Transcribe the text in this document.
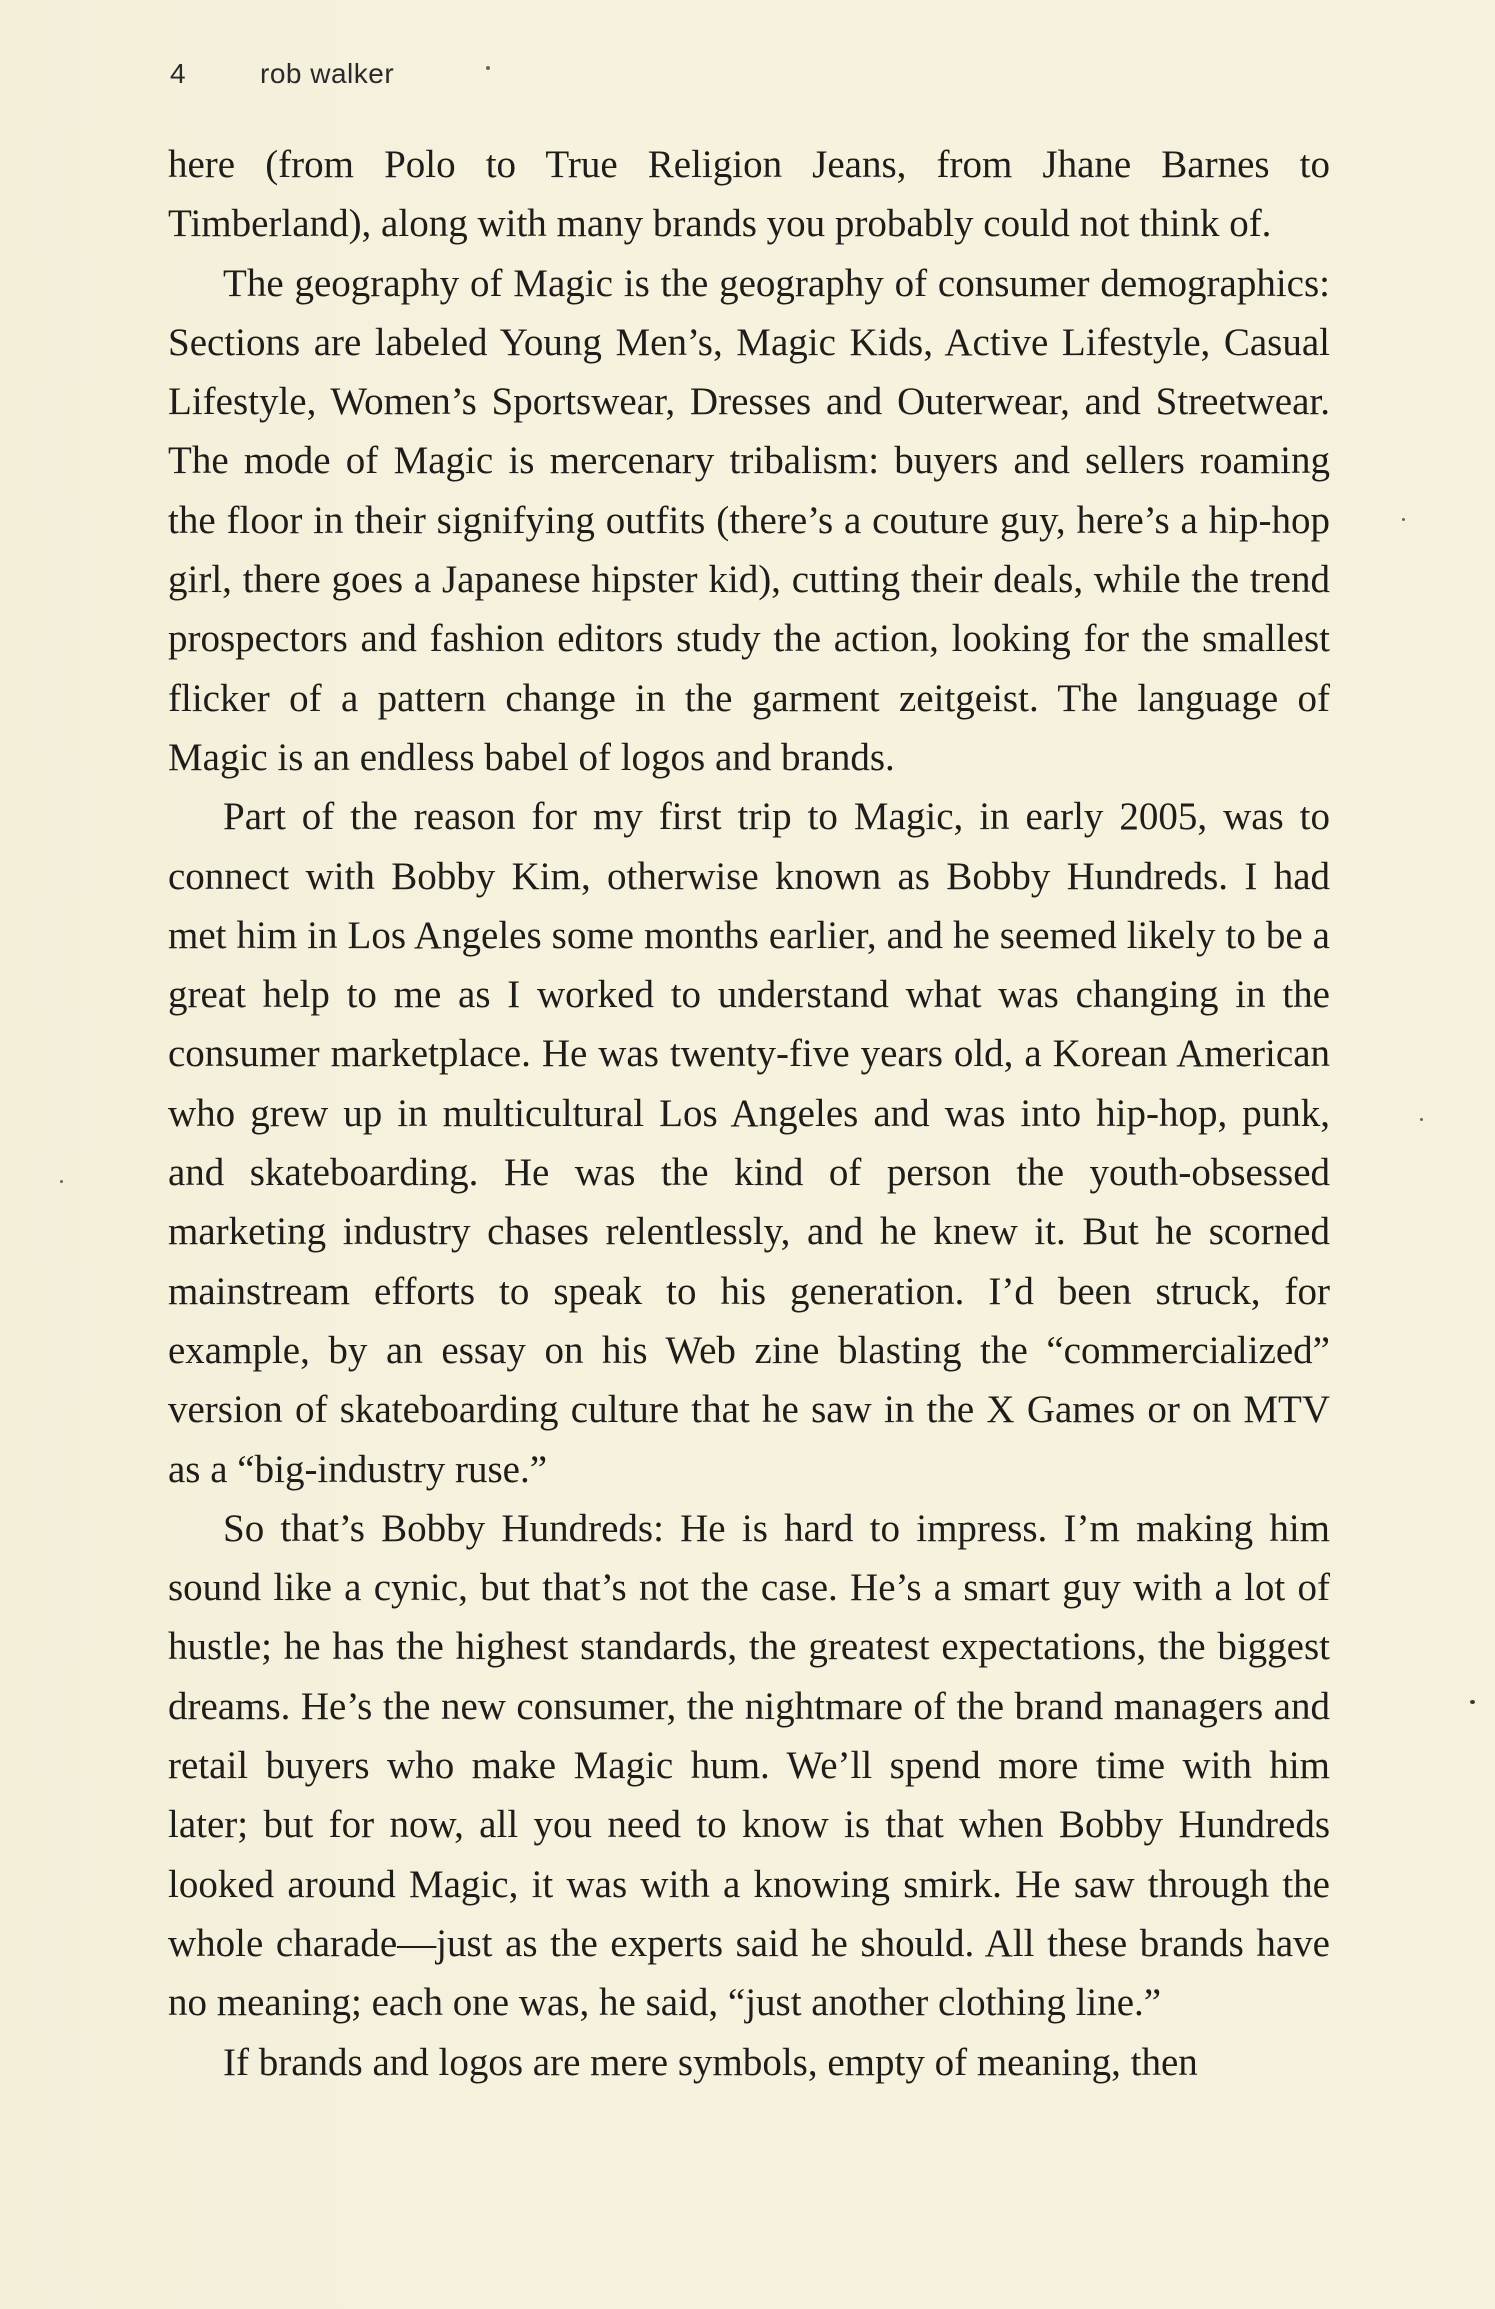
4	rob walker

here (from Polo to True Religion Jeans, from Jhane Barnes to Timberland), along with many brands you probably could not think of.

The geography of Magic is the geography of consumer demographics: Sections are labeled Young Men’s, Magic Kids, Active Lifestyle, Casual Lifestyle, Women’s Sportswear, Dresses and Outerwear, and Streetwear. The mode of Magic is mercenary tribalism: buyers and sellers roaming the floor in their signifying outfits (there’s a couture guy, here’s a hip-hop girl, there goes a Japanese hipster kid), cutting their deals, while the trend prospectors and fashion editors study the action, looking for the smallest flicker of a pattern change in the garment zeitgeist. The language of Magic is an endless babel of logos and brands.

Part of the reason for my first trip to Magic, in early 2005, was to connect with Bobby Kim, otherwise known as Bobby Hundreds. I had met him in Los Angeles some months earlier, and he seemed likely to be a great help to me as I worked to understand what was changing in the consumer marketplace. He was twenty-five years old, a Korean American who grew up in multicultural Los Angeles and was into hip-hop, punk, and skateboarding. He was the kind of person the youth-obsessed marketing industry chases relentlessly, and he knew it. But he scorned mainstream efforts to speak to his generation. I’d been struck, for example, by an essay on his Web zine blasting the “commercialized” version of skateboarding culture that he saw in the X Games or on MTV as a “big-industry ruse.”

So that’s Bobby Hundreds: He is hard to impress. I’m making him sound like a cynic, but that’s not the case. He’s a smart guy with a lot of hustle; he has the highest standards, the greatest expectations, the biggest dreams. He’s the new consumer, the nightmare of the brand managers and retail buyers who make Magic hum. We’ll spend more time with him later; but for now, all you need to know is that when Bobby Hundreds looked around Magic, it was with a knowing smirk. He saw through the whole charade—just as the experts said he should. All these brands have no meaning; each one was, he said, “just another clothing line.”

If brands and logos are mere symbols, empty of meaning, then
